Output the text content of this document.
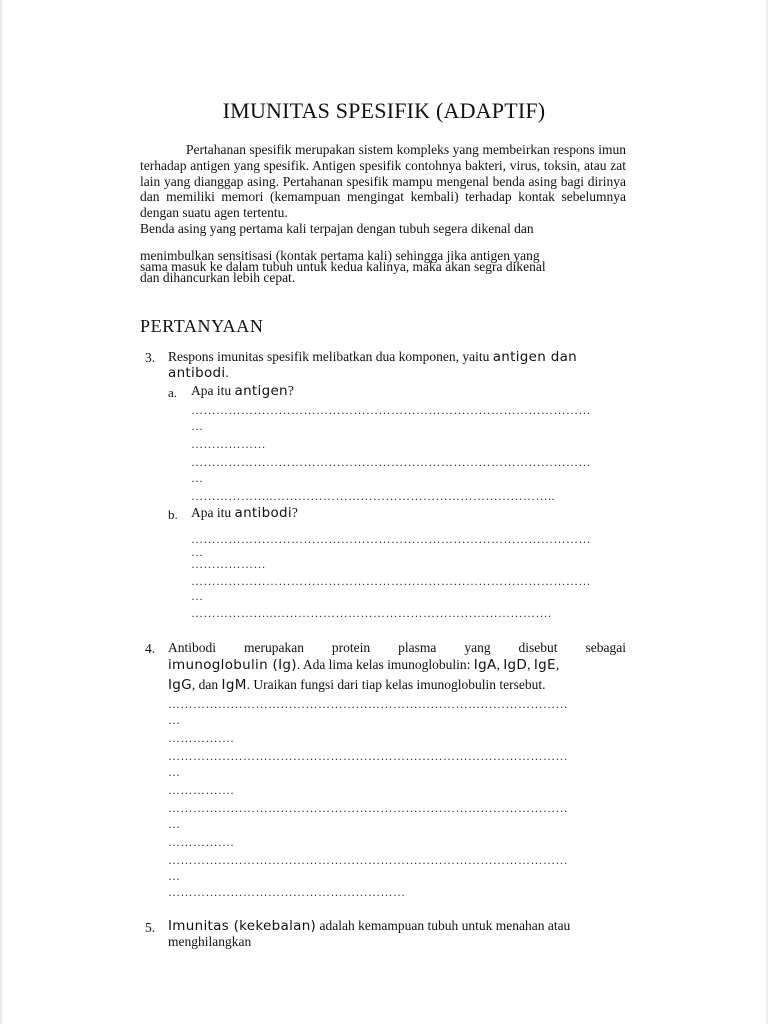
IMUNITAS SPESIFIK (ADAPTIF)
Pertahanan spesifik merupakan sistem kompleks yang membeirkan respons imun terhadap antigen yang spesifik. Antigen spesifik contohnya bakteri, virus, toksin, atau zat lain yang dianggap asing. Pertahanan spesifik mampu mengenal benda asing bagi dirinya dan memiliki memori (kemampuan mengingat kembali) terhadap kontak sebelumnya dengan suatu agen tertentu.
Benda asing yang pertama kali terpajan dengan tubuh segera dikenal dan
menimbulkan sensitisasi (kontak pertama kali) sehingga jika antigen yang
sama masuk ke dalam tubuh untuk kedua kalinya, maka akan segra dikenal
dan dihancurkan lebih cepat.
PERTANYAAN
3. Respons imunitas spesifik melibatkan dua komponen, yaitu antigen dan
antibodi.
a. Apa itu antigen?
……………………………………………………………………………………
…
………………
……………………………………………………………………………………
…
………………..…………………………………………………………..
b. Apa itu antibodi?
……………………………………………………………………………………
…
………………
……………………………………………………………………………………
…
………………..………………………………………………………….
4. Antibodi merupakan protein plasma yang disebut sebagai
imunoglobulin (Ig). Ada lima kelas imunoglobulin: IgA, IgD, IgE,
IgG, dan IgM. Uraikan fungsi dari tiap kelas imunoglobulin tersebut.
……………………………………………………………………………………
…
…………….
……………………………………………………………………………………
…
…………….
……………………………………………………………………………………
…
…………….
……………………………………………………………………………………
…
…………………………………………………
5. Imunitas (kekebalan) adalah kemampuan tubuh untuk menahan atau
menghilangkan
